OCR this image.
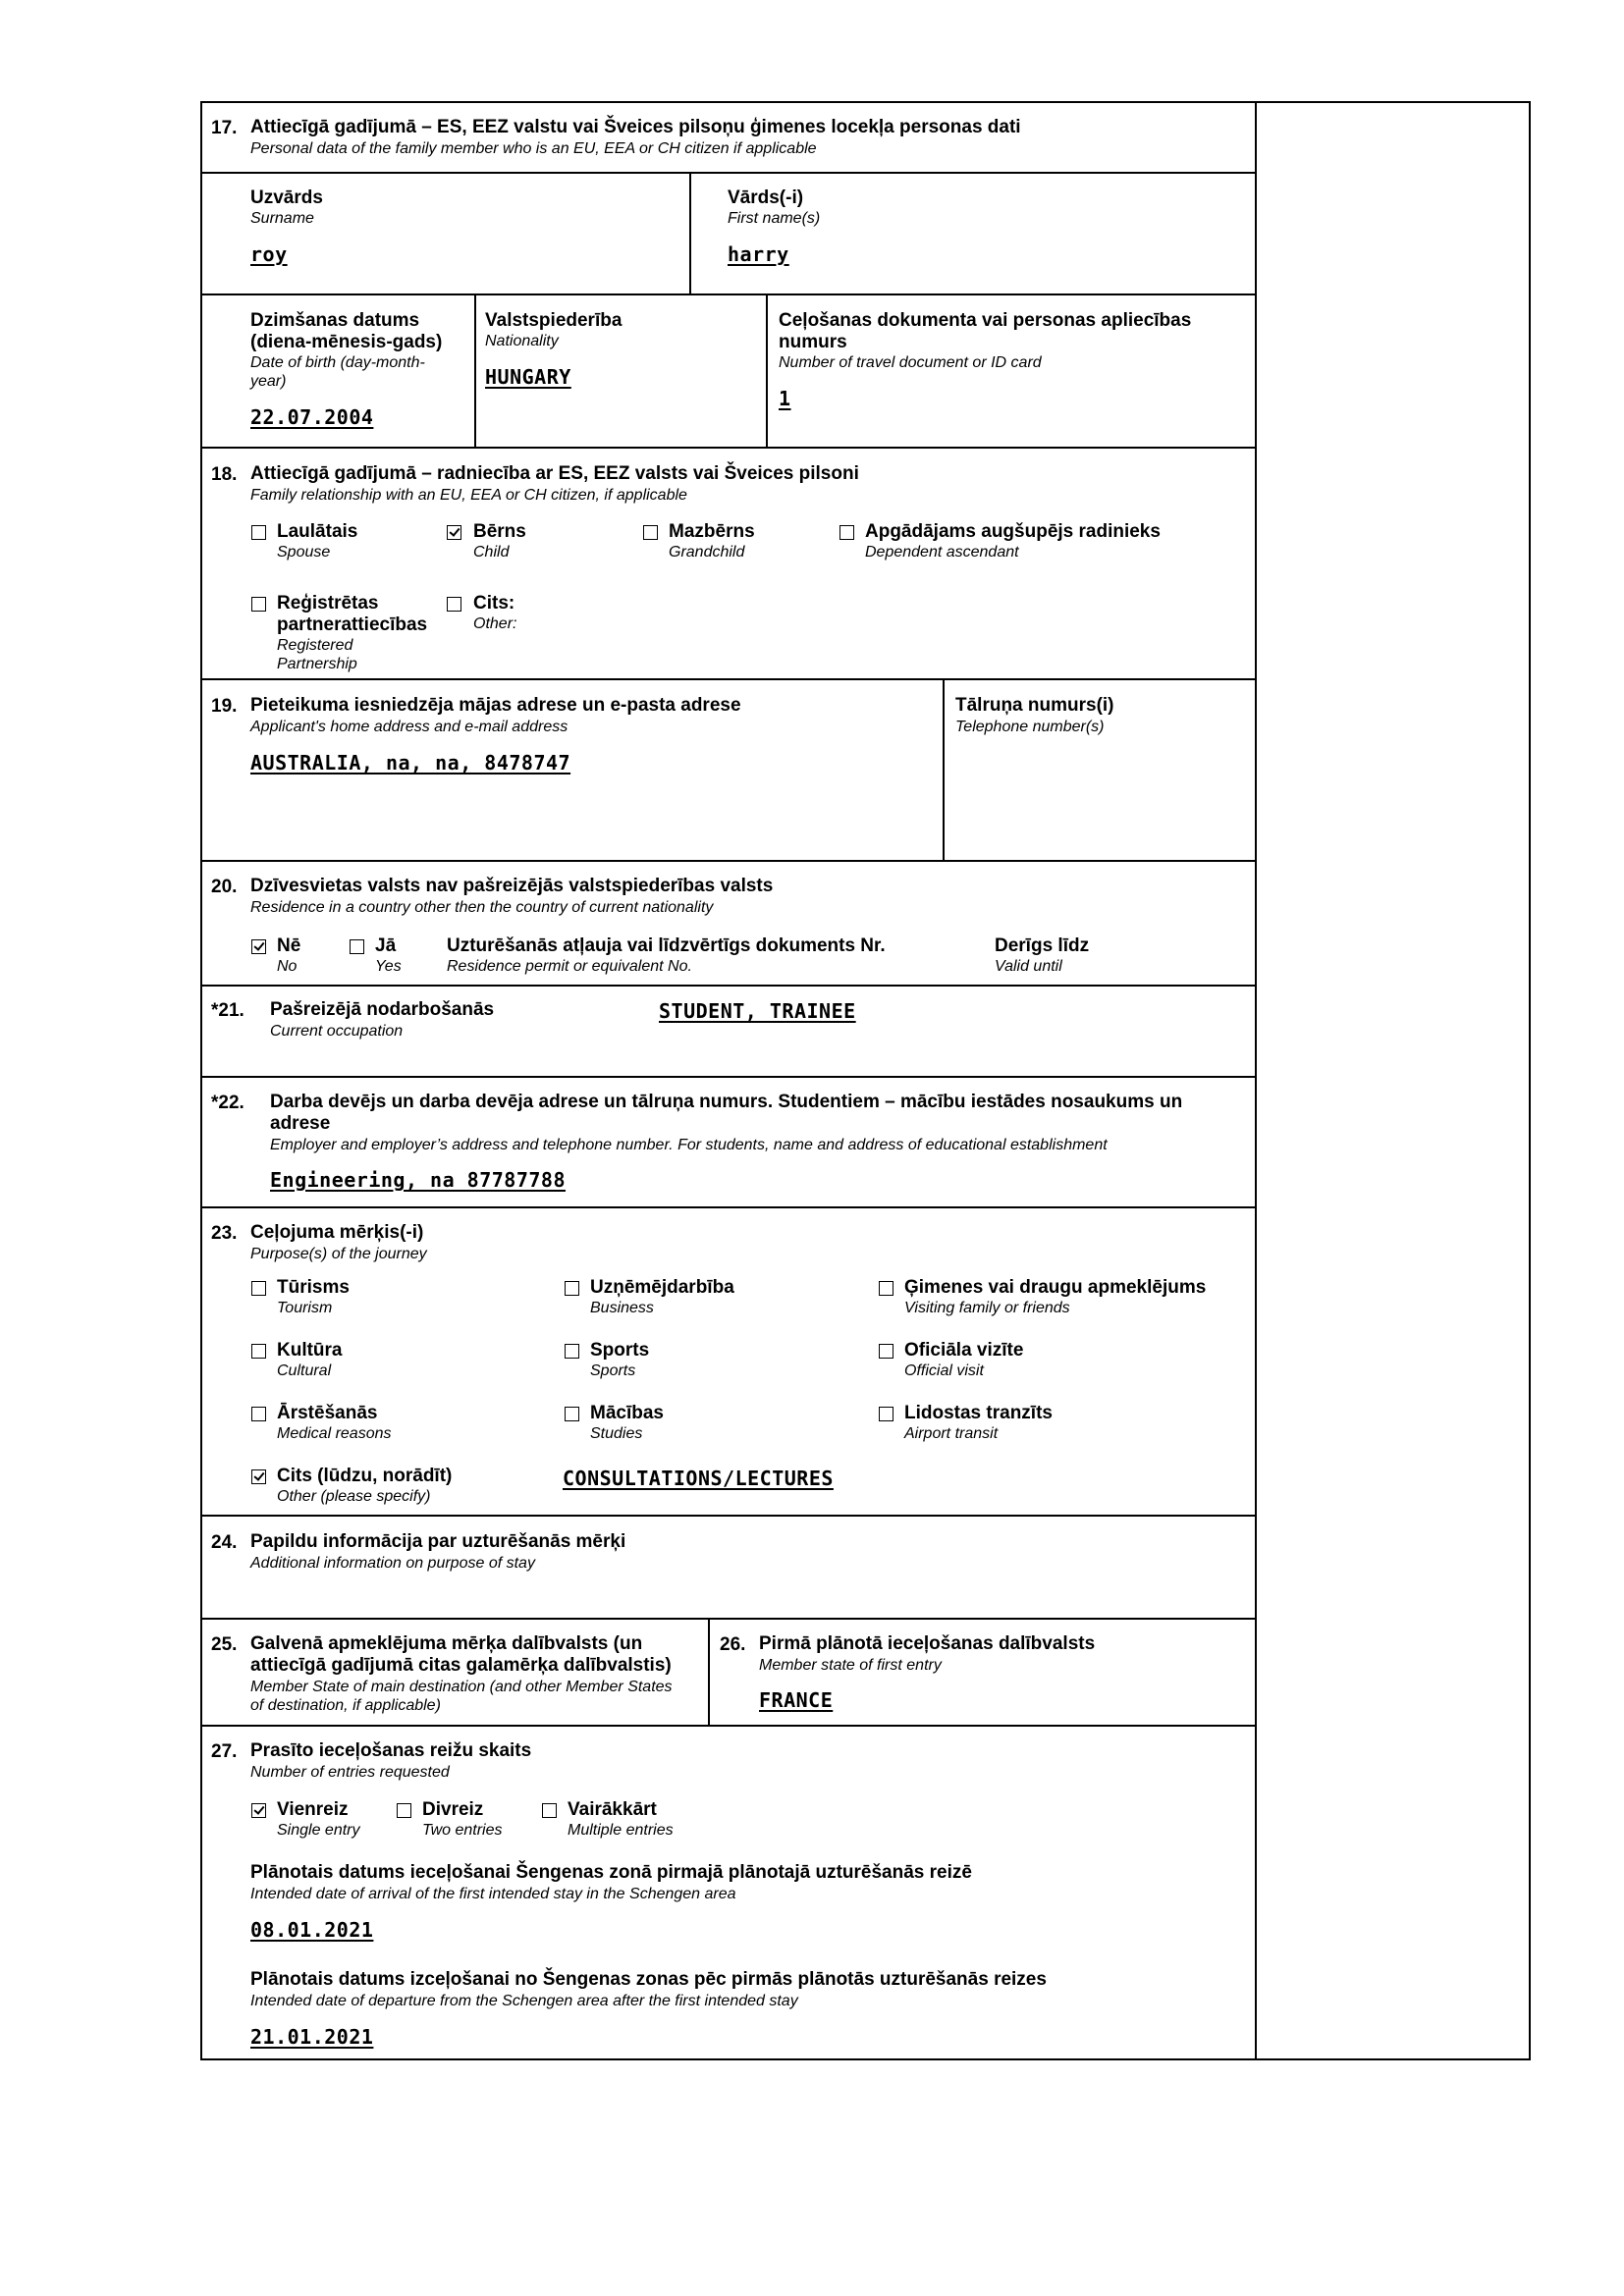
17. Attiecīgā gadījumā – ES, EEZ valstu vai Šveices pilsoņu ģimenes locekļa personas dati
Personal data of the family member who is an EU, EEA or CH citizen if applicable
Uzvārds
Surname
roy
Vārds(-i)
First name(s)
harry
Dzimšanas datums
(diena-mēnesis-gads)
Date of birth (day-month-
year)
22.07.2004
Valstspiederība
Nationality
HUNGARY
Ceļošanas dokumenta vai personas apliecības
numurs
Number of travel document or ID card
1
18. Attiecīgā gadījumā – radniecība ar ES, EEZ valsts vai Šveices pilsoni
Family relationship with an EU, EEA or CH citizen, if applicable
Laulātais
Spouse
Bērns
Child
Mazbērns
Grandchild
Apgādājams augšupējs radinieks
Dependent ascendant
Reģistrētas
partnerattiecības
Registered
Partnership
Cits:
Other:
19. Pieteikuma iesniedzēja mājas adrese un e-pasta adrese
Applicant's home address and e-mail address
AUSTRALIA, na, na, 8478747
Tālruņa numurs(i)
Telephone number(s)
20. Dzīvesvietas valsts nav pašreizējās valstspiederības valsts
Residence in a country other then the country of current nationality
Nē
No
Jā
Yes
Uzturēšanās atļauja vai līdzvērtīgs dokuments Nr.
Residence permit or equivalent No.
Derīgs līdz
Valid until
*21. Pašreizējā nodarbošanās
Current occupation
STUDENT, TRAINEE
*22. Darba devējs un darba devēja adrese un tālruņa numurs. Studentiem – mācību iestādes nosaukums un
adrese
Employer and employer’s address and telephone number. For students, name and address of educational establishment
Engineering, na 87787788
23. Ceļojuma mērķis(-i)
Purpose(s) of the journey
Tūrisms
Tourism
Uzņēmējdarbība
Business
Ģimenes vai draugu apmeklējums
Visiting family or friends
Kultūra
Cultural
Sports
Sports
Oficiāla vizīte
Official visit
Ārstēšanās
Medical reasons
Mācības
Studies
Lidostas tranzīts
Airport transit
Cits (lūdzu, norādīt)
Other (please specify)
CONSULTATIONS/LECTURES
24. Papildu informācija par uzturēšanās mērķi
Additional information on purpose of stay
25. Galvenā apmeklējuma mērķa dalībvalsts (un
attiecīgā gadījumā citas galamērķa dalībvalstis)
Member State of main destination (and other Member States
of destination, if applicable)
26. Pirmā plānotā ieceļošanas dalībvalsts
Member state of first entry
FRANCE
27. Prasīto ieceļošanas reižu skaits
Number of entries requested
Vienreiz
Single entry
Divreiz
Two entries
Vairākkārt
Multiple entries
Plānotais datums ieceļošanai Šengenas zonā pirmajā plānotajā uzturēšanās reizē
Intended date of arrival of the first intended stay in the Schengen area
08.01.2021
Plānotais datums izceļošanai no Šengenas zonas pēc pirmās plānotās uzturēšanās reizes
Intended date of departure from the Schengen area after the first intended stay
21.01.2021
